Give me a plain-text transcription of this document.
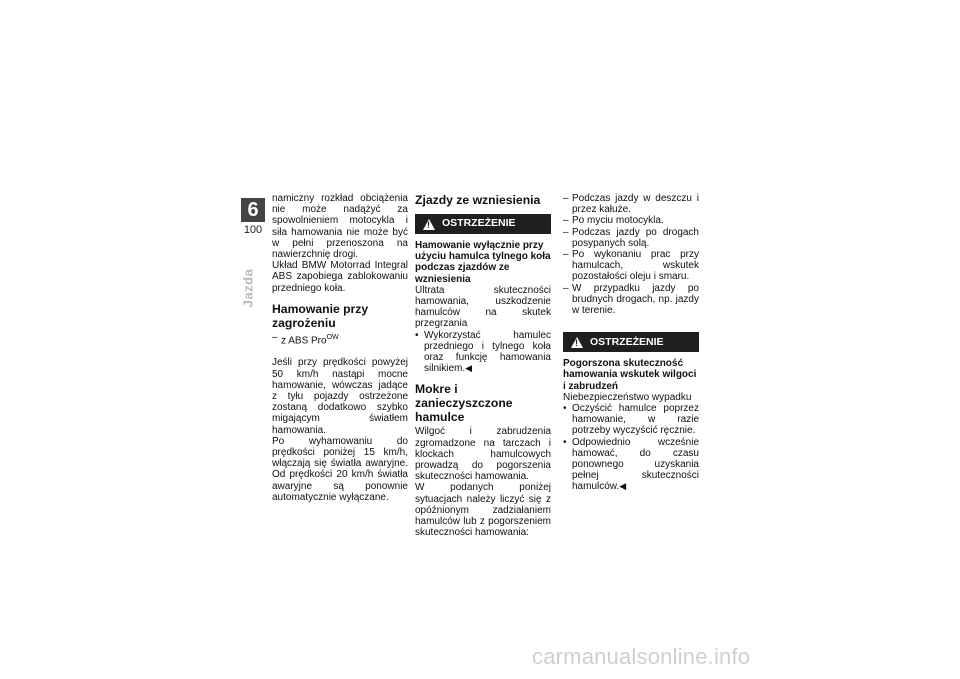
6
100
Jazda

namiczny rozkład obciążenia nie może nadążyć za spowolnieniem motocykla i siła hamowania nie może być w pełni przenoszona na nawierzchnię drogi.

Układ BMW Motorrad Integral ABS zapobiega zablokowaniu przedniego koła.

Hamowanie przy zagrożeniu
– z ABS Pro$^{OW}$

Jeśli przy prędkości powyżej 50 km/h nastąpi mocne hamowanie, wówczas jadące z tyłu pojazdy ostrzeżone zostaną dodatkowo szybko migającym światłem hamowania.

Po wyhamowaniu do prędkości poniżej 15 km/h, włączają się światła awaryjne. Od prędkości 20 km/h światła awaryjne są ponownie automatycznie wyłączane.

Zjazdy ze wzniesienia
!
OSTRZEŻENIE

Hamowanie wyłącznie przy użyciu hamulca tylnego koła podczas zjazdów ze wzniesienia

Ultrata skuteczności hamowania, uszkodzenie hamulców na skutek przegrzania

• Wykorzystać hamulec przedniego i tylnego koła oraz funkcję hamowania silnikiem.◀
Mokre i zanieczyszczone hamulce

Wilgoć i zabrudzenia zgromadzone na tarczach i klockach hamulcowych prowadzą do pogorszenia skuteczności hamowania.

W podanych poniżej sytuacjach należy liczyć się z opóźnionym zadziałaniem hamulców lub z pogorszeniem skuteczności hamowania:

– Podczas jazdy w deszczu i przez kałuże.
– Po myciu motocykla.
– Podczas jazdy po drogach posypanych solą.
– Po wykonaniu prac przy hamulcach, wskutek pozostałości oleju i smaru.
– W przypadku jazdy po brudnych drogach, np. jazdy w terenie.
!
OSTRZEŻENIE

Pogorszona skuteczność hamowania wskutek wilgoci i zabrudzeń

Niebezpieczeństwo wypadku

• Oczyścić hamulce poprzez hamowanie, w razie potrzeby wyczyścić ręcznie.
• Odpowiednio wcześnie hamować, do czasu ponownego uzyskania pełnej skuteczności hamulców.◀
carmanualsonline.info
